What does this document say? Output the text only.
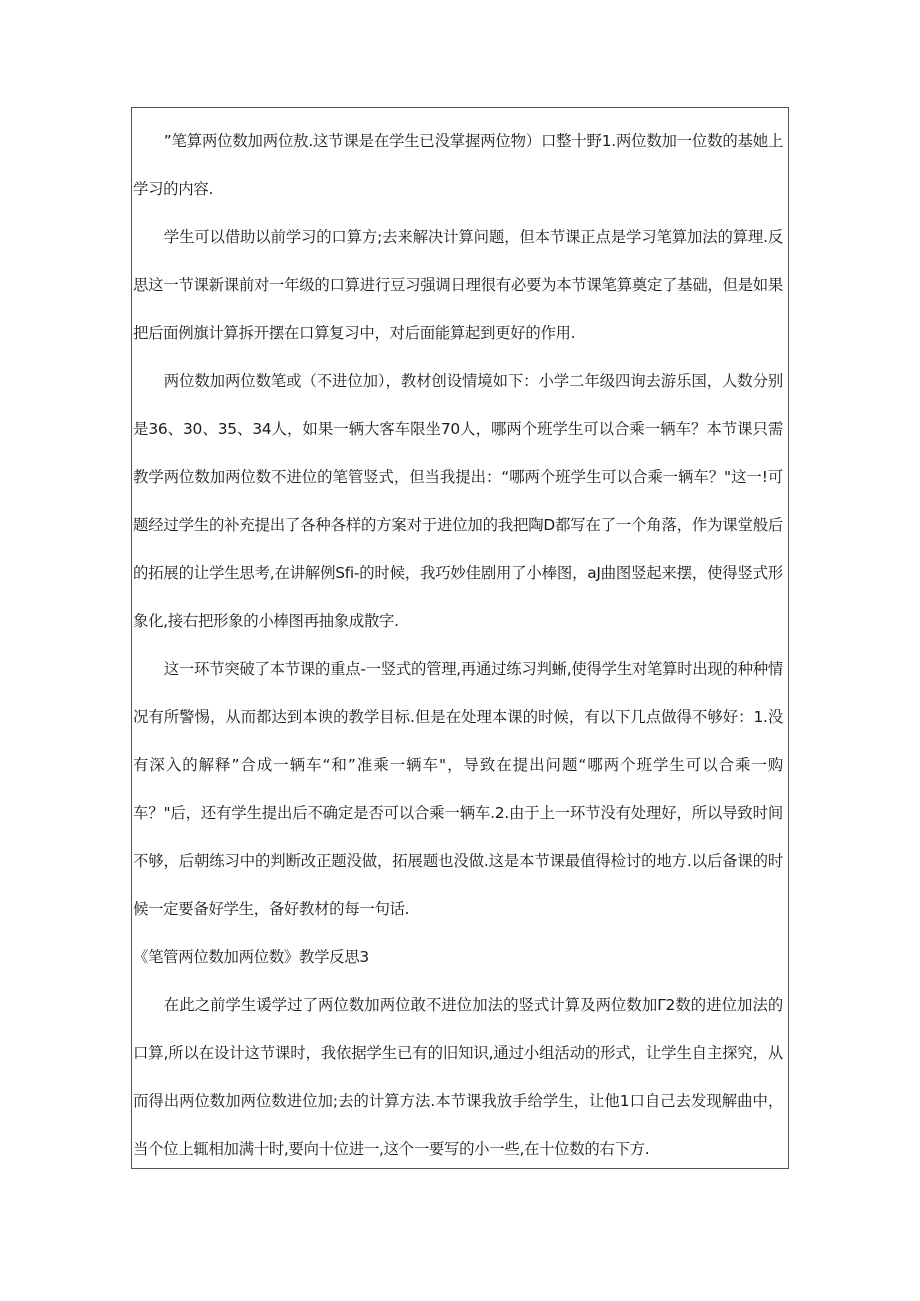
”笔算两位数加两位敖.这节课是在学生已没掌握两位物）口整十野1.两位数加一位数的基她上学习的内容.

学生可以借助以前学习的口算方;去来解决计算问题，但本节课正点是学习笔算加法的算理.反思这一节课新课前对一年级的口算进行豆习强调日理很有必要为本节课笔算奠定了基础，但是如果把后面例旗计算拆开摆在口算复习中，对后面能算起到更好的作用.

两位数加两位数笔或（不进位加），教材创设情境如下：小学二年级四询去游乐国，人数分别是36、30、35、34人，如果一辆大客车限坐70人，哪两个班学生可以合乘一辆车？本节课只需教学两位数加两位数不进位的笔管竖式，但当我提出：“哪两个班学生可以合乘一辆车？"这一!可题经过学生的补充提出了各种各样的方案对于进位加的我把陶D都写在了一个角落，作为课堂般后的拓展的让学生思考,在讲解例Sfi-的时候，我巧妙佳剧用了小棒图，aJ曲图竖起来摆，使得竖式形象化,接右把形象的小棒图再抽象成散字.

这一环节突破了本节课的重点-一竖式的管理,再通过练习判蜥,使得学生对笔算时出现的种种情况有所警惕，从而都达到本谀的教学目标.但是在处理本课的时候，有以下几点做得不够好：1.没有深入的解释”合成一辆车“和”准乘一辆车"，导致在提出问题“哪两个班学生可以合乘一购车？"后，还有学生提出后不确定是否可以合乘一辆车.2.由于上一环节没有处理好，所以导致时间不够，后朝练习中的判断改正题没做，拓展题也没做.这是本节课最值得检讨的地方.以后备课的时候一定要备好学生，备好教材的每一句话.

《笔管两位数加两位数》教学反思3

在此之前学生谖学过了两位数加两位敢不进位加法的竖式计算及两位数加Γ2数的进位加法的口算,所以在设计这节课时，我依据学生已有的旧知识,通过小组活动的形式，让学生自主探究，从而得出两位数加两位数进位加;去的计算方法.本节课我放手给学生，让他1口自己去发现解曲中，当个位上辄相加满十时,要向十位进一,这个一要写的小一些,在十位数的右下方.
